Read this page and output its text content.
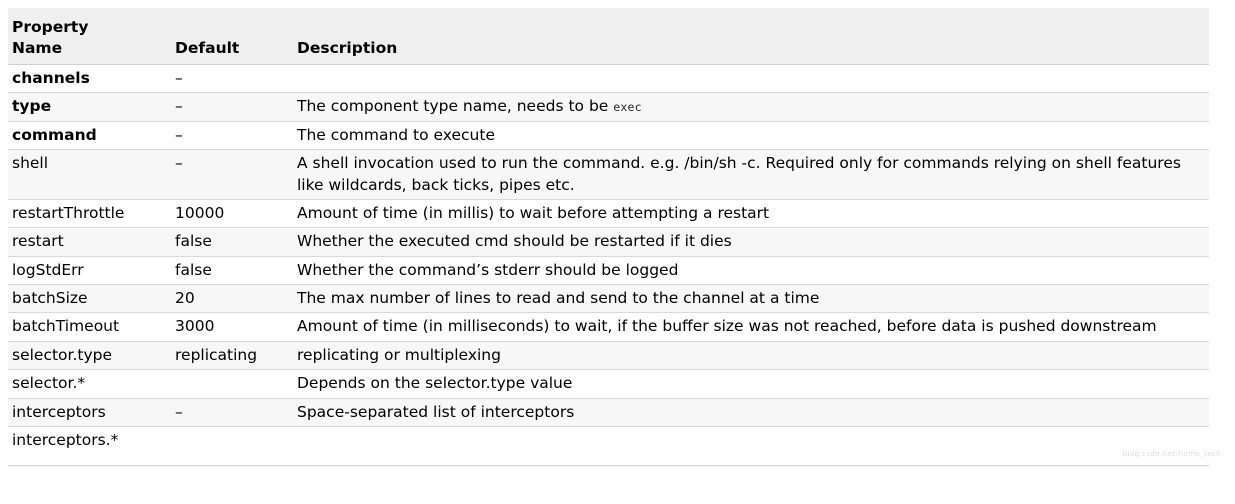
Property
Name	Default	Description
channels	–	
type	–	The component type name, needs to be exec
command	–	The command to execute
shell	–	A shell invocation used to run the command. e.g. /bin/sh -c. Required only for commands relying on shell features like wildcards, back ticks, pipes etc.
restartThrottle	10000	Amount of time (in millis) to wait before attempting a restart
restart	false	Whether the executed cmd should be restarted if it dies
logStdErr	false	Whether the command’s stderr should be logged
batchSize	20	The max number of lines to read and send to the channel at a time
batchTimeout	3000	Amount of time (in milliseconds) to wait, if the buffer size was not reached, before data is pushed downstream
selector.type	replicating	replicating or multiplexing
selector.*		Depends on the selector.type value
interceptors	–	Space-separated list of interceptors
interceptors.*		
blog.csdn.net/flume_tech
